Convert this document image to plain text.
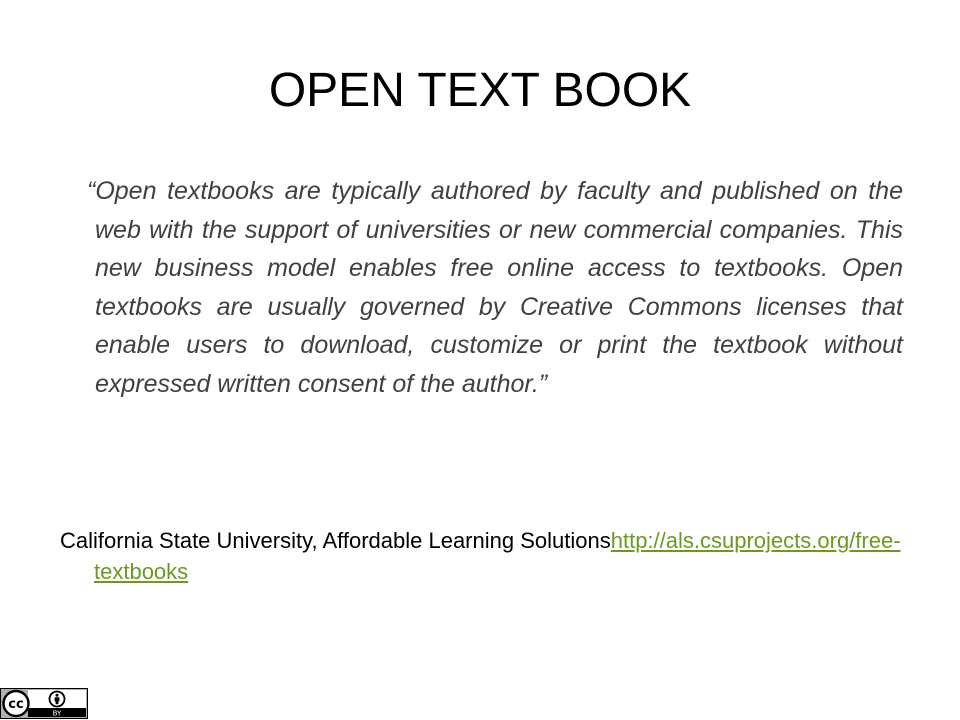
OPEN TEXT BOOK

“Open textbooks are typically authored by faculty and published on the web with the support of universities or new commercial companies. This new business model enables free online access to textbooks. Open textbooks are usually governed by Creative Commons licenses that enable users to download, customize or print the textbook without expressed written consent of the author.”

California State University, Affordable Learning Solutionshttp://als.csuprojects.org/free-textbooks

cc
BY
